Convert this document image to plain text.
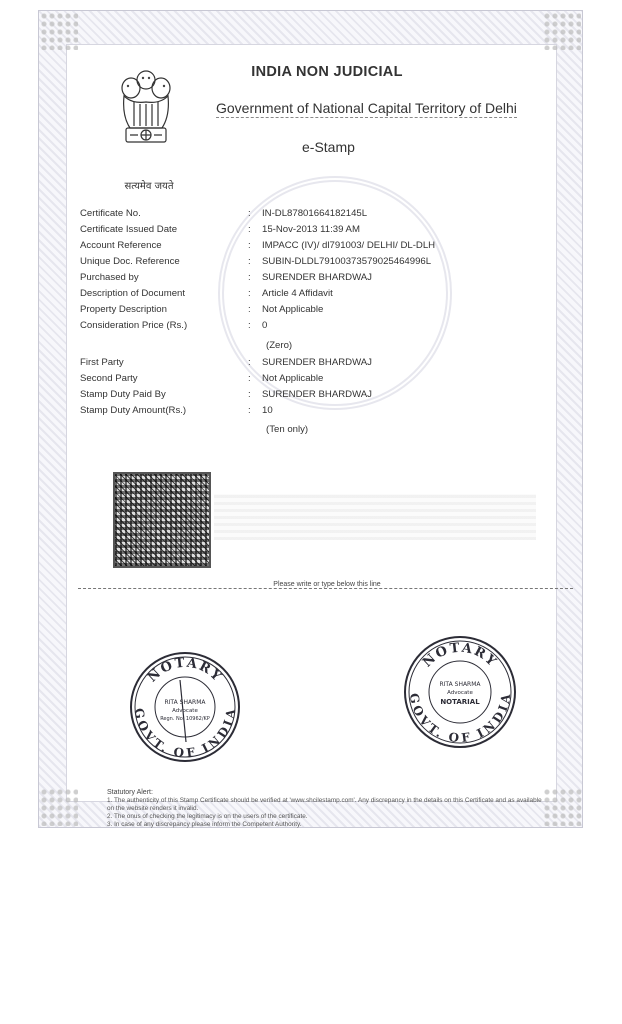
सत्यमेव जयते
INDIA NON JUDICIAL
Government of National Capital Territory of Delhi
e-Stamp
Certificate No.	: IN-DL87801664182145L
Certificate Issued Date	: 15-Nov-2013 11:39 AM
Account Reference	: IMPACC (IV)/ dl791003/ DELHI/ DL-DLH
Unique Doc. Reference	: SUBIN-DLDL79100373579025464996L
Purchased by	: SURENDER BHARDWAJ
Description of Document	: Article 4 Affidavit
Property Description	: Not Applicable
Consideration Price (Rs.)	: 0
(Zero)
First Party	: SURENDER BHARDWAJ
Second Party	: Not Applicable
Stamp Duty Paid By	: SURENDER BHARDWAJ
Stamp Duty Amount(Rs.)	: 10
(Ten only)
Please write or type below this line
NOTARY
GOVT. OF INDIA
RITA SHARMA
Advocate
Regn. No. 10962/KP
NOTARY
GOVT. OF INDIA
RITA SHARMA
Advocate
NOTARIAL
Statutory Alert:
1. The authenticity of this Stamp Certificate should be verified at 'www.shcilestamp.com'. Any discrepancy in the details on this Certificate and as available on the website renders it invalid.
2. The onus of checking the legitimacy is on the users of the certificate.
3. In case of any discrepancy please inform the Competent Authority.
